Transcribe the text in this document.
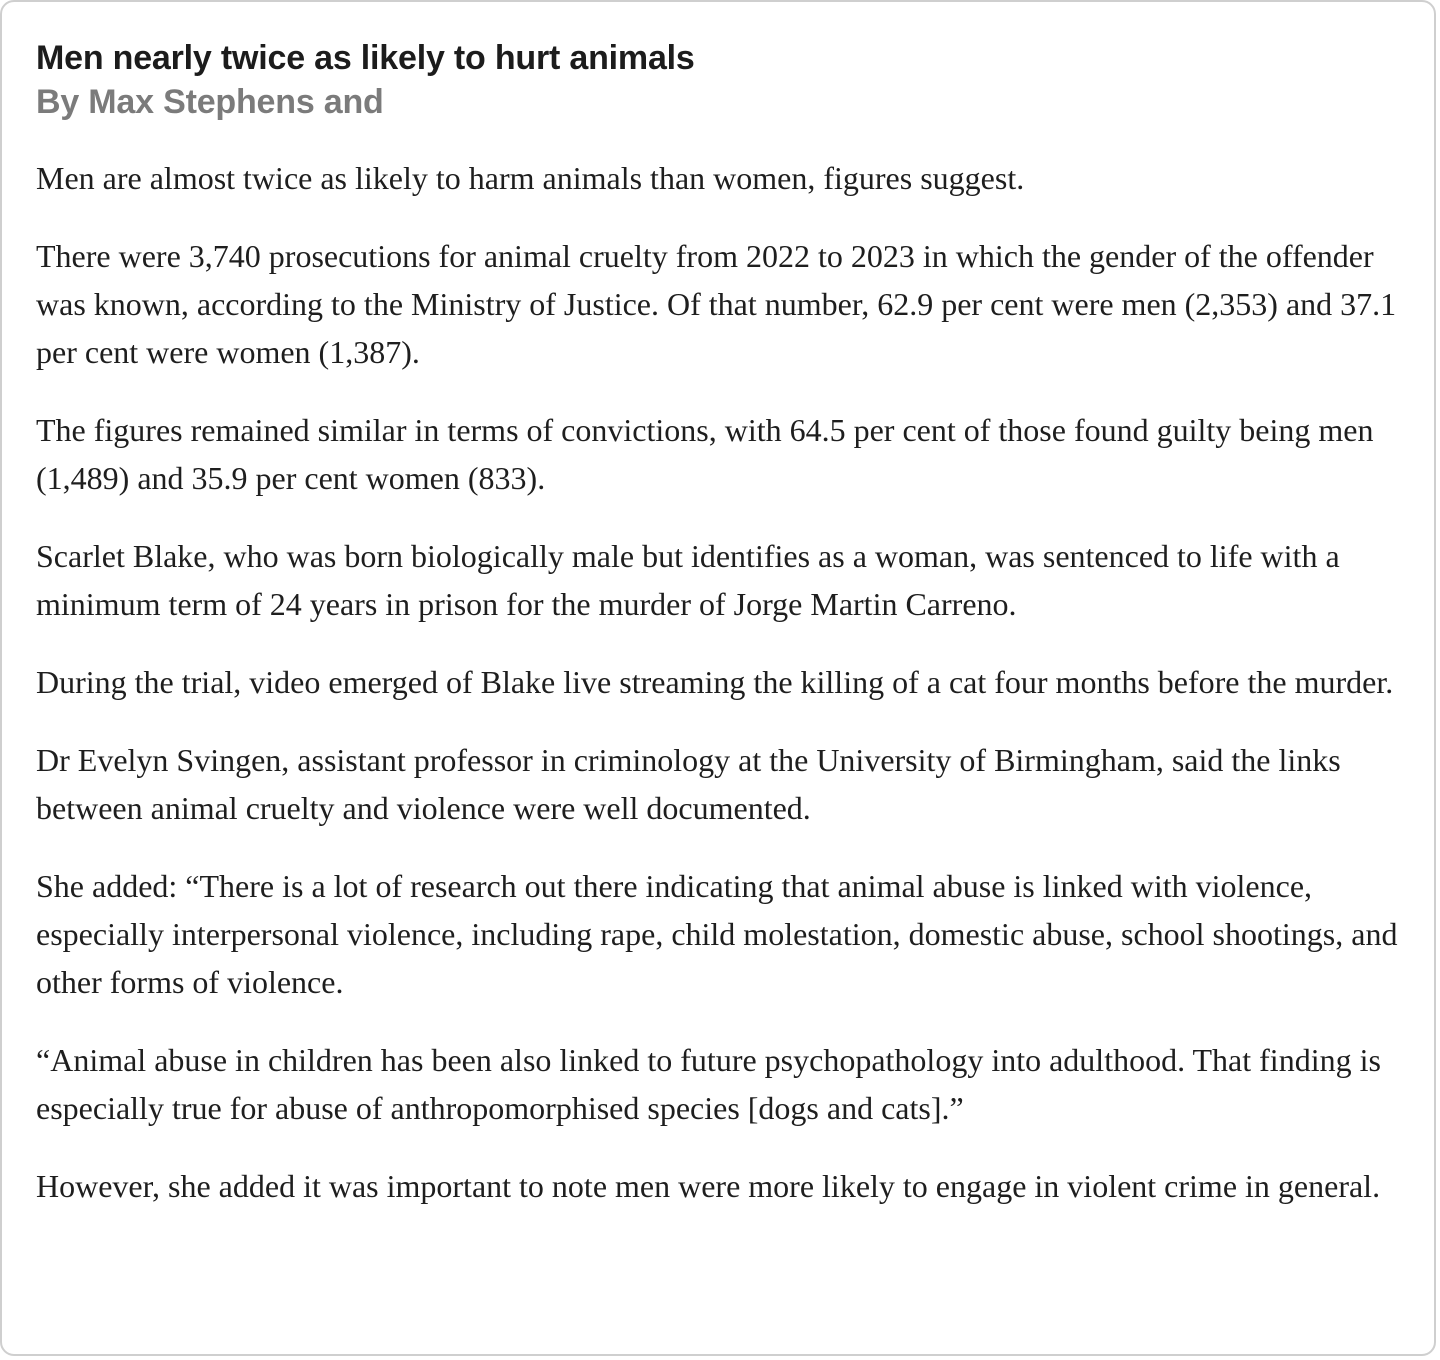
Men nearly twice as likely to hurt animals
By Max Stephens and

Men are almost twice as likely to harm animals than women, figures suggest.

There were 3,740 prosecutions for animal cruelty from 2022 to 2023 in which the gender of the offender was known, according to the Ministry of Justice. Of that number, 62.9 per cent were men (2,353) and 37.1 per cent were women (1,387).

The figures remained similar in terms of convictions, with 64.5 per cent of those found guilty being men (1,489) and 35.9 per cent women (833).

Scarlet Blake, who was born biologically male but identifies as a woman, was sentenced to life with a minimum term of 24 years in prison for the murder of Jorge Martin Carreno.

During the trial, video emerged of Blake live streaming the killing of a cat four months before the murder.

Dr Evelyn Svingen, assistant professor in criminology at the University of Birmingham, said the links between animal cruelty and violence were well documented.

She added: “There is a lot of research out there indicating that animal abuse is linked with violence, especially interpersonal violence, including rape, child molestation, domestic abuse, school shootings, and other forms of violence.

“Animal abuse in children has been also linked to future psychopathology into adulthood. That finding is especially true for abuse of anthropomorphised species [dogs and cats].”

However, she added it was important to note men were more likely to engage in violent crime in general.
